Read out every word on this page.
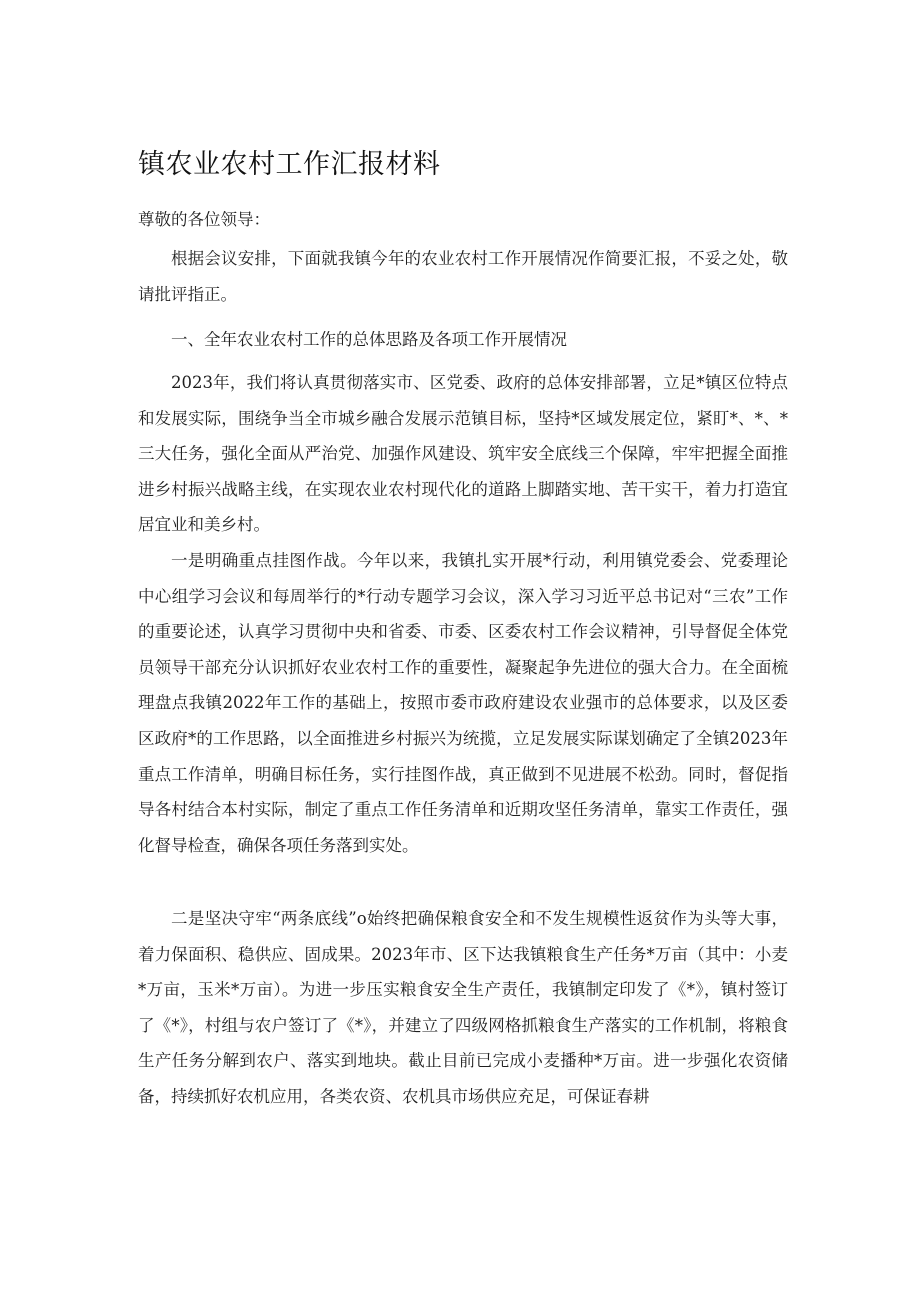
镇农业农村工作汇报材料

尊敬的各位领导：

根据会议安排，下面就我镇今年的农业农村工作开展情况作简要汇报，不妥之处，敬请批评指正。

一、全年农业农村工作的总体思路及各项工作开展情况

2023年，我们将认真贯彻落实市、区党委、政府的总体安排部署，立足*镇区位特点和发展实际，围绕争当全市城乡融合发展示范镇目标，坚持*区域发展定位，紧盯*、*、*三大任务，强化全面从严治党、加强作风建设、筑牢安全底线三个保障，牢牢把握全面推进乡村振兴战略主线，在实现农业农村现代化的道路上脚踏实地、苦干实干，着力打造宜居宜业和美乡村。

一是明确重点挂图作战。今年以来，我镇扎实开展*行动，利用镇党委会、党委理论中心组学习会议和每周举行的*行动专题学习会议，深入学习习近平总书记对“三农”工作的重要论述，认真学习贯彻中央和省委、市委、区委农村工作会议精神，引导督促全体党员领导干部充分认识抓好农业农村工作的重要性，凝聚起争先进位的强大合力。在全面梳理盘点我镇2022年工作的基础上，按照市委市政府建设农业强市的总体要求，以及区委区政府*的工作思路，以全面推进乡村振兴为统揽，立足发展实际谋划确定了全镇2023年重点工作清单，明确目标任务，实行挂图作战，真正做到不见进展不松劲。同时，督促指导各村结合本村实际，制定了重点工作任务清单和近期攻坚任务清单，靠实工作责任，强化督导检查，确保各项任务落到实处。

二是坚决守牢“两条底线”o始终把确保粮食安全和不发生规模性返贫作为头等大事，着力保面积、稳供应、固成果。2023年市、区下达我镇粮食生产任务*万亩（其中：小麦*万亩，玉米*万亩）。为进一步压实粮食安全生产责任，我镇制定印发了《*》，镇村签订了《*》，村组与农户签订了《*》，并建立了四级网格抓粮食生产落实的工作机制，将粮食生产任务分解到农户、落实到地块。截止目前已完成小麦播种*万亩。进一步强化农资储备，持续抓好农机应用，各类农资、农机具市场供应充足，可保证春耕
